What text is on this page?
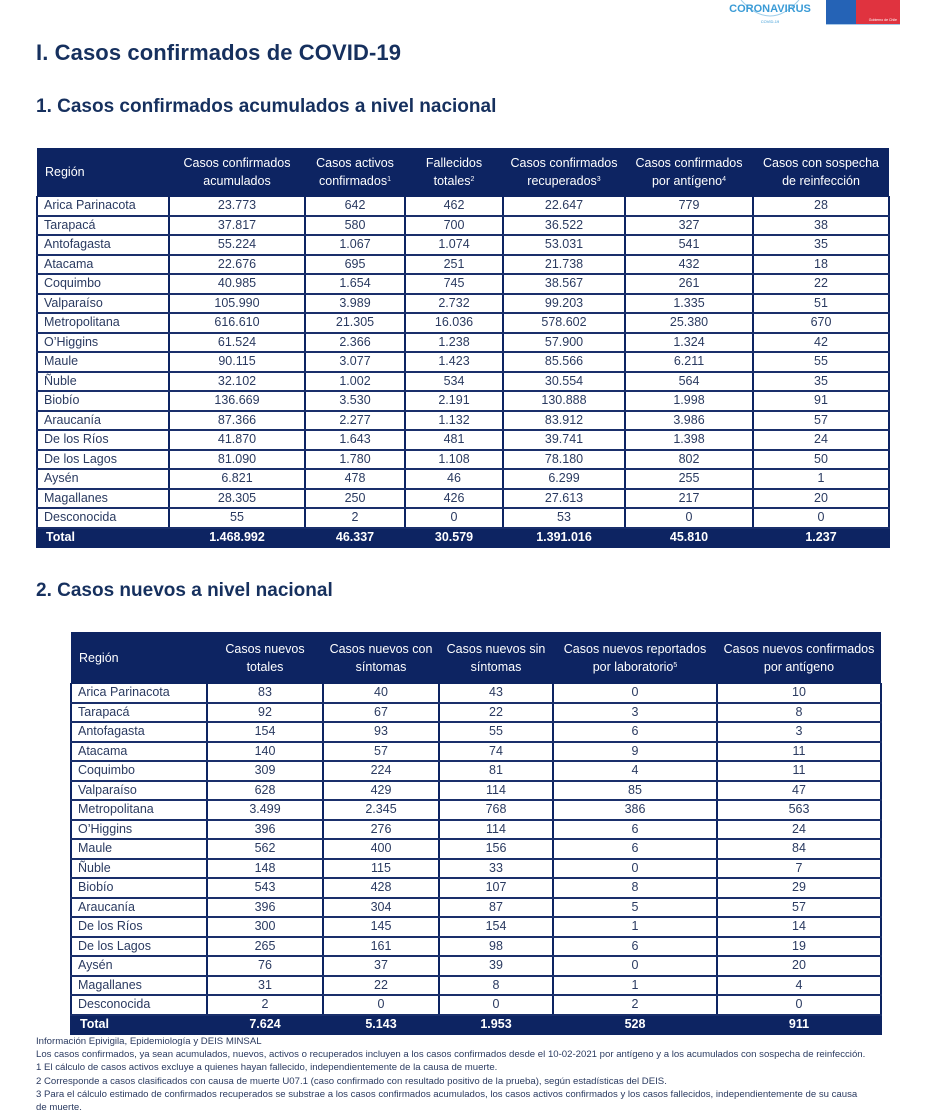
CORONAVIRUS
COVID-19	Gobierno de Chile
I. Casos confirmados de COVID-19
1. Casos confirmados acumulados a nivel nacional
Región	Casos confirmados acumulados	Casos activos confirmados$^1$	Fallecidos totales$^2$	Casos confirmados recuperados$^3$	Casos confirmados por antígeno$^4$	Casos con sospecha de reinfección
Arica Parinacota	23.773	642	462	22.647	779	28
Tarapacá	37.817	580	700	36.522	327	38
Antofagasta	55.224	1.067	1.074	53.031	541	35
Atacama	22.676	695	251	21.738	432	18
Coquimbo	40.985	1.654	745	38.567	261	22
Valparaíso	105.990	3.989	2.732	99.203	1.335	51
Metropolitana	616.610	21.305	16.036	578.602	25.380	670
O’Higgins	61.524	2.366	1.238	57.900	1.324	42
Maule	90.115	3.077	1.423	85.566	6.211	55
Ñuble	32.102	1.002	534	30.554	564	35
Biobío	136.669	3.530	2.191	130.888	1.998	91
Araucanía	87.366	2.277	1.132	83.912	3.986	57
De los Ríos	41.870	1.643	481	39.741	1.398	24
De los Lagos	81.090	1.780	1.108	78.180	802	50
Aysén	6.821	478	46	6.299	255	1
Magallanes	28.305	250	426	27.613	217	20
Desconocida	55	2	0	53	0	0
Total	1.468.992	46.337	30.579	1.391.016	45.810	1.237
2. Casos nuevos a nivel nacional
Región	Casos nuevos totales	Casos nuevos con síntomas	Casos nuevos sin síntomas	Casos nuevos reportados por laboratorio$^5$	Casos nuevos confirmados por antígeno
Arica Parinacota	83	40	43	0	10
Tarapacá	92	67	22	3	8
Antofagasta	154	93	55	6	3
Atacama	140	57	74	9	11
Coquimbo	309	224	81	4	11
Valparaíso	628	429	114	85	47
Metropolitana	3.499	2.345	768	386	563
O’Higgins	396	276	114	6	24
Maule	562	400	156	6	84
Ñuble	148	115	33	0	7
Biobío	543	428	107	8	29
Araucanía	396	304	87	5	57
De los Ríos	300	145	154	1	14
De los Lagos	265	161	98	6	19
Aysén	76	37	39	0	20
Magallanes	31	22	8	1	4
Desconocida	2	0	0	2	0
Total	7.624	5.143	1.953	528	911
Información Epivigila, Epidemiología y DEIS MINSAL
Los casos confirmados, ya sean acumulados, nuevos, activos o recuperados incluyen a los casos confirmados desde el 10-02-2021 por antígeno y a los acumulados con sospecha de reinfección.
1 El cálculo de casos activos excluye a quienes hayan fallecido, independientemente de la causa de muerte.
2 Corresponde a casos clasificados con causa de muerte U07.1 (caso confirmado con resultado positivo de la prueba), según estadísticas del DEIS.
3 Para el cálculo estimado de confirmados recuperados se substrae a los casos confirmados acumulados, los casos activos confirmados y los casos fallecidos, independientemente de su causa
de muerte.
